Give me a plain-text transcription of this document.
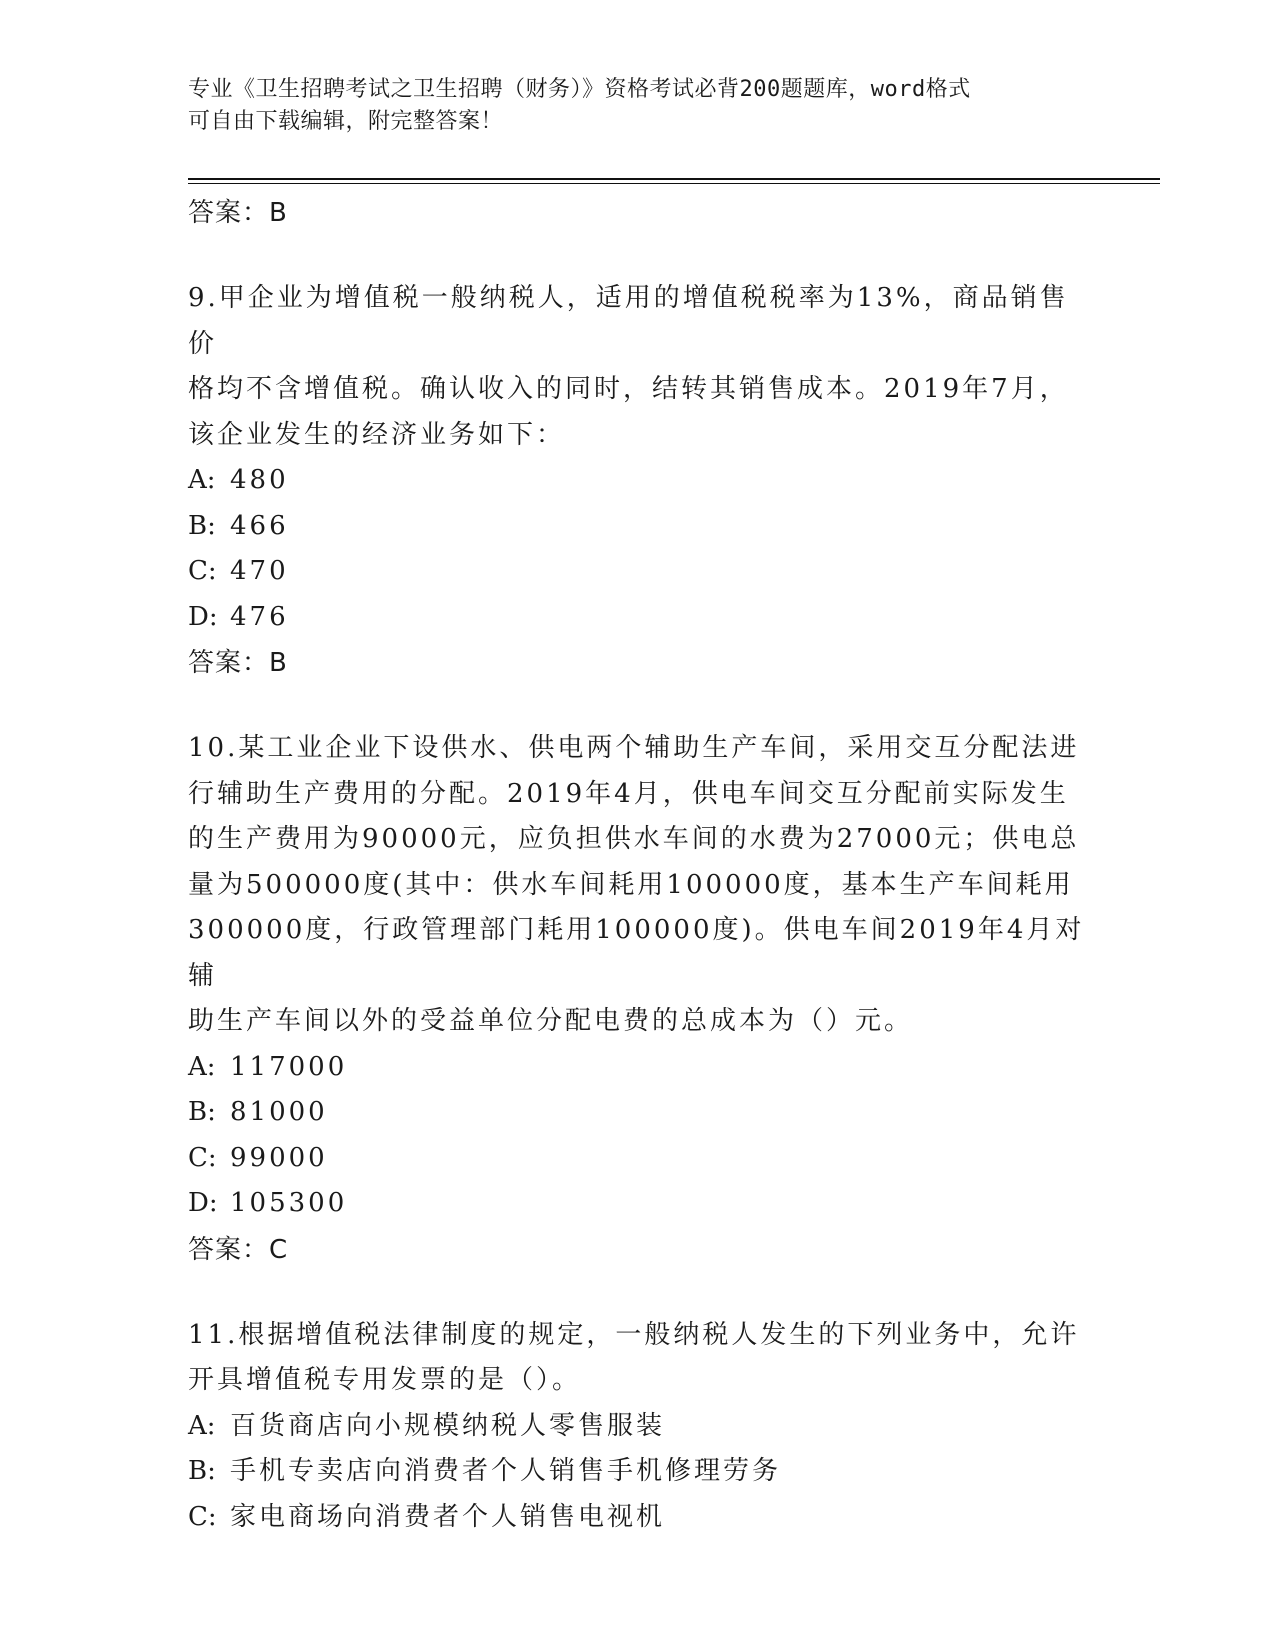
专业《卫生招聘考试之卫生招聘（财务）》资格考试必背200题题库，word格式
可自由下载编辑，附完整答案！
答案：B
9.甲企业为增值税一般纳税人，适用的增值税税率为13%，商品销售价
格均不含增值税。确认收入的同时，结转其销售成本。2019年7月，
该企业发生的经济业务如下：
A: 480
B: 466
C: 470
D: 476
答案：B
10.某工业企业下设供水、供电两个辅助生产车间，采用交互分配法进
行辅助生产费用的分配。2019年4月，供电车间交互分配前实际发生
的生产费用为90000元，应负担供水车间的水费为27000元；供电总
量为500000度(其中：供水车间耗用100000度，基本生产车间耗用
300000度，行政管理部门耗用100000度)。供电车间2019年4月对辅
助生产车间以外的受益单位分配电费的总成本为（）元。
A: 117000
B: 81000
C: 99000
D: 105300
答案：C
11.根据增值税法律制度的规定，一般纳税人发生的下列业务中，允许
开具增值税专用发票的是（）。
A: 百货商店向小规模纳税人零售服装
B: 手机专卖店向消费者个人销售手机修理劳务
C: 家电商场向消费者个人销售电视机
